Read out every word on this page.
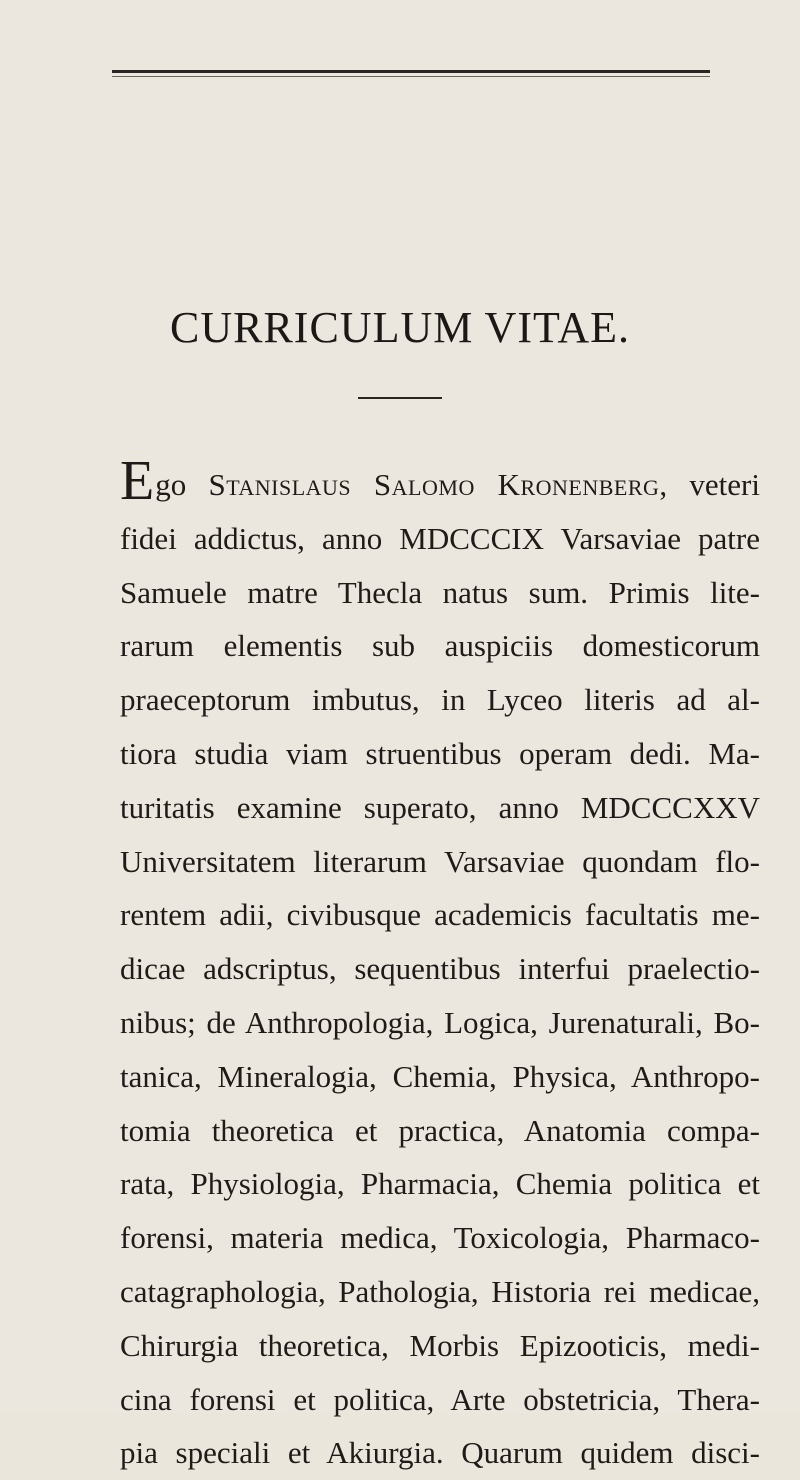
CURRICULUM VITAE.
Ego Stanislaus Salomo Kronenberg, veteri
fidei addictus, anno MDCCCIX Varsaviae patre
Samuele matre Thecla natus sum. Primis lite-
rarum elementis sub auspiciis domesticorum
praeceptorum imbutus, in Lyceo literis ad al-
tiora studia viam struentibus operam dedi. Ma-
turitatis examine superato, anno MDCCCXXV
Universitatem literarum Varsaviae quondam flo-
rentem adii, civibusque academicis facultatis me-
dicae adscriptus, sequentibus interfui praelectio-
nibus; de Anthropologia, Logica, Jurenaturali, Bo-
tanica, Mineralogia, Chemia, Physica, Anthropo-
tomia theoretica et practica, Anatomia compa-
rata, Physiologia, Pharmacia, Chemia politica et
forensi, materia medica, Toxicologia, Pharmaco-
catagraphologia, Pathologia, Historia rei medicae,
Chirurgia theoretica, Morbis Epizooticis, medi-
cina forensi et politica, Arte obstetricia, Thera-
pia speciali et Akiurgia. Quarum quidem disci-
